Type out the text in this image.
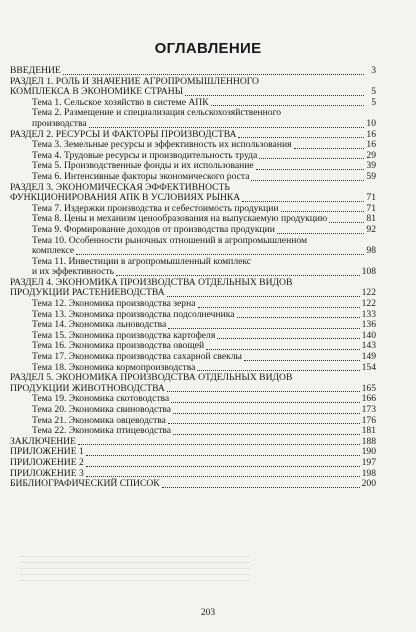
ОГЛАВЛЕНИЕ
ВВЕДЕНИЕ	3
РАЗДЕЛ 1. РОЛЬ И ЗНАЧЕНИЕ АГРОПРОМЫШЛЕННОГО
КОМПЛЕКСА В ЭКОНОМИКЕ СТРАНЫ	5
Тема 1. Сельское хозяйство в системе АПК	5
Тема 2. Размещение и специализация сельскохозяйственного
производства	10
РАЗДЕЛ 2. РЕСУРСЫ И ФАКТОРЫ ПРОИЗВОДСТВА	16
Тема 3. Земельные ресурсы и эффективность их использования	16
Тема 4. Трудовые ресурсы и производительность труда	29
Тема 5. Производственные фонды и их использование	39
Тема 6. Интенсивные факторы экономического роста	59
РАЗДЕЛ 3. ЭКОНОМИЧЕСКАЯ ЭФФЕКТИВНОСТЬ
ФУНКЦИОНИРОВАНИЯ АПК В УСЛОВИЯХ РЫНКА	71
Тема 7. Издержки производства и себестоимость продукции	71
Тема 8. Цены и механизм ценообразования на выпускаемую продукцию	81
Тема 9. Формирование доходов от производства продукции	92
Тема 10. Особенности рыночных отношений в агропромышленном
комплексе	98
Тема 11. Инвестиции в агропромышленный комплекс
и их эффективность	108
РАЗДЕЛ 4. ЭКОНОМИКА ПРОИЗВОДСТВА ОТДЕЛЬНЫХ ВИДОВ
ПРОДУКЦИИ РАСТЕНИЕВОДСТВА	122
Тема 12. Экономика производства зерна	122
Тема 13. Экономика производства подсолнечника	133
Тема 14. Экономика льноводства	136
Тема 15. Экономика производства картофеля	140
Тема 16. Экономика производства овощей	143
Тема 17. Экономика производства сахарной свеклы	149
Тема 18. Экономика кормопроизводства	154
РАЗДЕЛ 5. ЭКОНОМИКА ПРОИЗВОДСТВА ОТДЕЛЬНЫХ ВИДОВ
ПРОДУКЦИИ ЖИВОТНОВОДСТВА	165
Тема 19. Экономика скотоводства	166
Тема 20. Экономика свиноводства	173
Тема 21. Экономика овцеводства	176
Тема 22. Экономика птицеводства	181
ЗАКЛЮЧЕНИЕ	188
ПРИЛОЖЕНИЕ 1	190
ПРИЛОЖЕНИЕ 2	197
ПРИЛОЖЕНИЕ 3	198
БИБЛИОГРАФИЧЕСКИЙ СПИСОК	200
203
